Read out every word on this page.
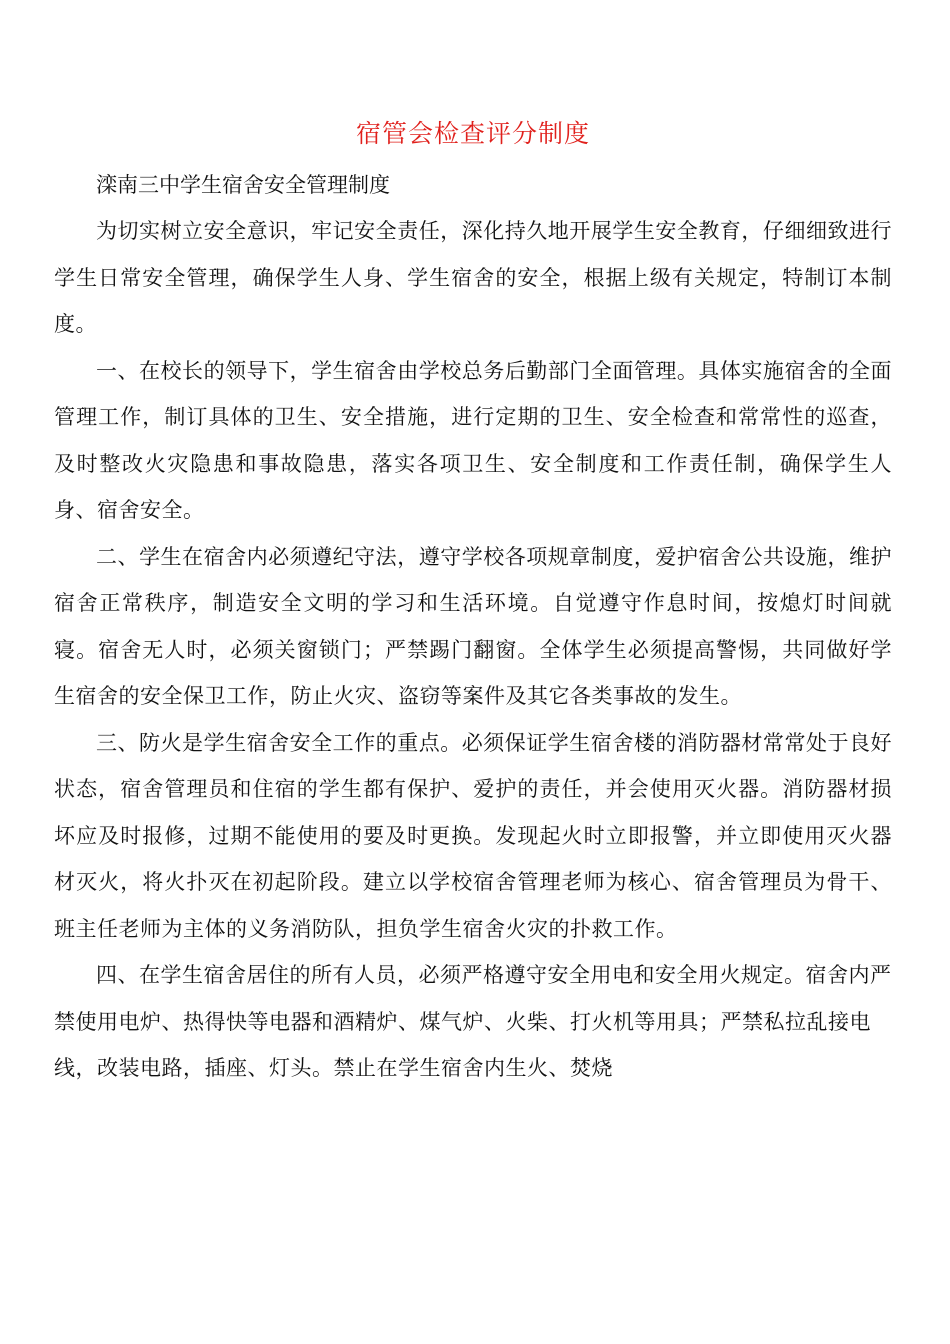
宿管会检查评分制度

滦南三中学生宿舍安全管理制度

为切实树立安全意识，牢记安全责任，深化持久地开展学生安全教育，仔细细致进行学生日常安全管理，确保学生人身、学生宿舍的安全，根据上级有关规定，特制订本制度。

一、在校长的领导下，学生宿舍由学校总务后勤部门全面管理。具体实施宿舍的全面管理工作，制订具体的卫生、安全措施，进行定期的卫生、安全检查和常常性的巡查，及时整改火灾隐患和事故隐患，落实各项卫生、安全制度和工作责任制，确保学生人身、宿舍安全。

二、学生在宿舍内必须遵纪守法，遵守学校各项规章制度，爱护宿舍公共设施，维护宿舍正常秩序，制造安全文明的学习和生活环境。自觉遵守作息时间，按熄灯时间就寝。宿舍无人时，必须关窗锁门；严禁踢门翻窗。全体学生必须提高警惕，共同做好学生宿舍的安全保卫工作，防止火灾、盗窃等案件及其它各类事故的发生。

三、防火是学生宿舍安全工作的重点。必须保证学生宿舍楼的消防器材常常处于良好状态，宿舍管理员和住宿的学生都有保护、爱护的责任，并会使用灭火器。消防器材损坏应及时报修，过期不能使用的要及时更换。发现起火时立即报警，并立即使用灭火器材灭火，将火扑灭在初起阶段。建立以学校宿舍管理老师为核心、宿舍管理员为骨干、班主任老师为主体的义务消防队，担负学生宿舍火灾的扑救工作。

四、在学生宿舍居住的所有人员，必须严格遵守安全用电和安全用火规定。宿舍内严禁使用电炉、热得快等电器和酒精炉、煤气炉、火柴、打火机等用具；严禁私拉乱接电线，改装电路，插座、灯头。禁止在学生宿舍内生火、焚烧
